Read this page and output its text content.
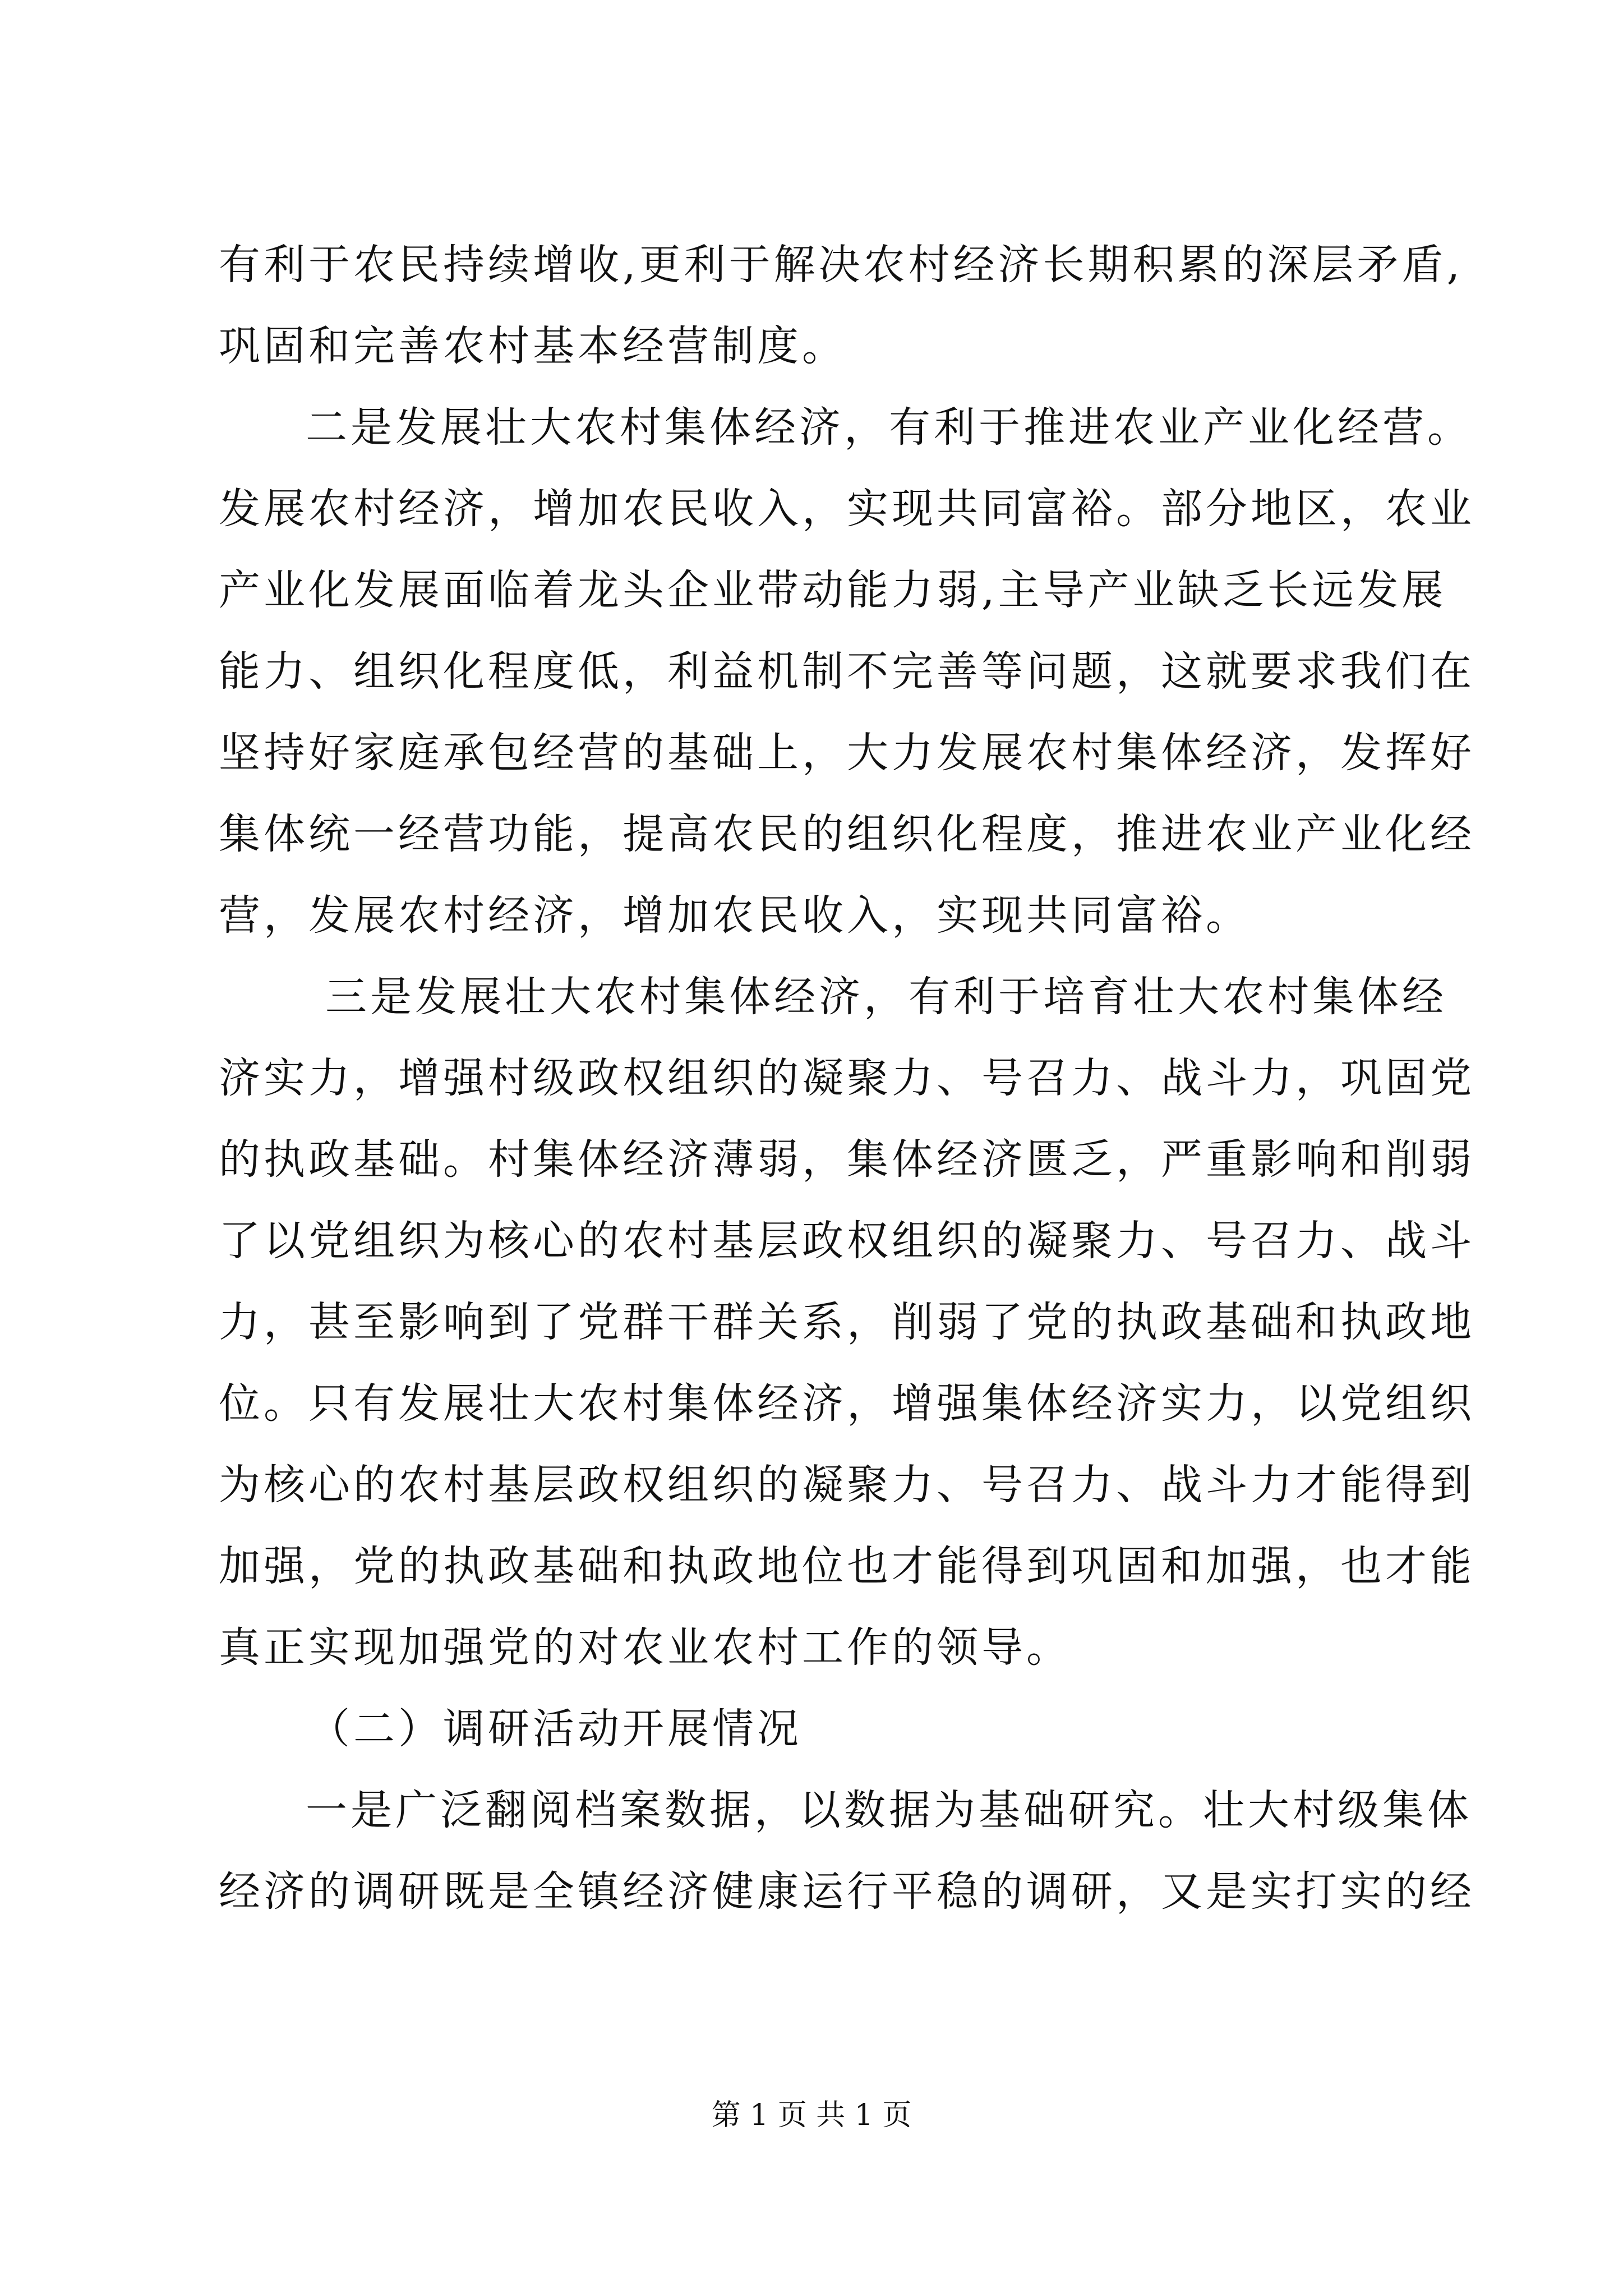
有利于农民持续增收,更利于解决农村经济长期积累的深层矛盾,
巩固和完善农村基本经营制度。
二是发展壮大农村集体经济，有利于推进农业产业化经营。
发展农村经济，增加农民收入，实现共同富裕。部分地区，农业
产业化发展面临着龙头企业带动能力弱,主导产业缺乏长远发展
能力、组织化程度低，利益机制不完善等问题，这就要求我们在
坚持好家庭承包经营的基础上，大力发展农村集体经济，发挥好
集体统一经营功能，提高农民的组织化程度，推进农业产业化经
营，发展农村经济，增加农民收入，实现共同富裕。
三是发展壮大农村集体经济，有利于培育壮大农村集体经
济实力，增强村级政权组织的凝聚力、号召力、战斗力，巩固党
的执政基础。村集体经济薄弱，集体经济匮乏，严重影响和削弱
了以党组织为核心的农村基层政权组织的凝聚力、号召力、战斗
力，甚至影响到了党群干群关系，削弱了党的执政基础和执政地
位。只有发展壮大农村集体经济，增强集体经济实力，以党组织
为核心的农村基层政权组织的凝聚力、号召力、战斗力才能得到
加强，党的执政基础和执政地位也才能得到巩固和加强，也才能
真正实现加强党的对农业农村工作的领导。
（二）调研活动开展情况
一是广泛翻阅档案数据，以数据为基础研究。壮大村级集体
经济的调研既是全镇经济健康运行平稳的调研，又是实打实的经
第 1 页 共 1 页
